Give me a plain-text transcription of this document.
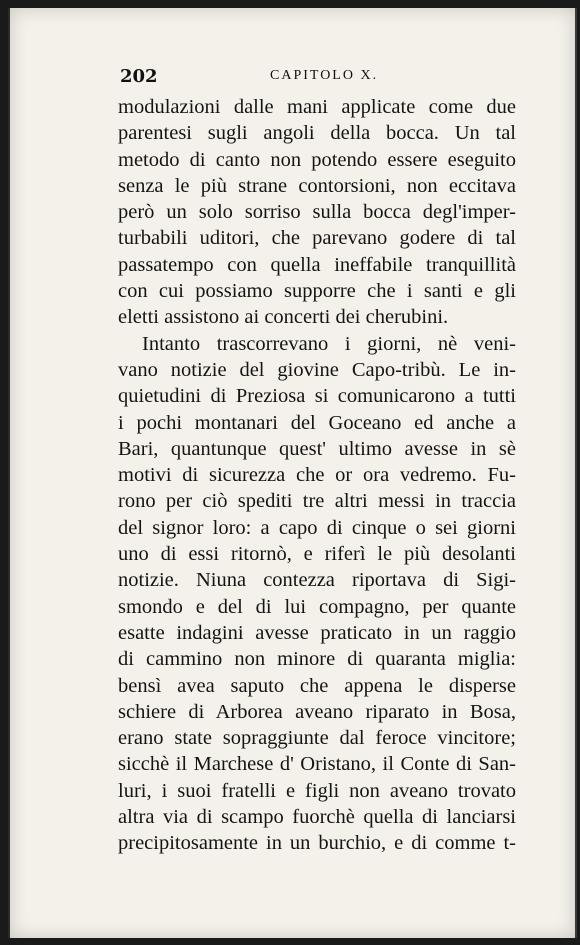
202	CAPITOLO X.
modulazioni dalle mani applicate come due
parentesi sugli angoli della bocca. Un tal
metodo di canto non potendo essere eseguito
senza le più strane contorsioni, non eccitava
però un solo sorriso sulla bocca degl'imper-
turbabili uditori, che parevano godere di tal
passatempo con quella ineffabile tranquillità
con cui possiamo supporre che i santi e gli
eletti assistono ai concerti dei cherubini.
Intanto trascorrevano i giorni, nè veni-
vano notizie del giovine Capo-tribù. Le in-
quietudini di Preziosa si comunicarono a tutti
i pochi montanari del Goceano ed anche a
Bari, quantunque quest' ultimo avesse in sè
motivi di sicurezza che or ora vedremo. Fu-
rono per ciò spediti tre altri messi in traccia
del signor loro: a capo di cinque o sei giorni
uno di essi ritornò, e riferì le più desolanti
notizie. Niuna contezza riportava di Sigi-
smondo e del di lui compagno, per quante
esatte indagini avesse praticato in un raggio
di cammino non minore di quaranta miglia:
bensì avea saputo che appena le disperse
schiere di Arborea aveano riparato in Bosa,
erano state sopraggiunte dal feroce vincitore;
sicchè il Marchese d' Oristano, il Conte di San-
luri, i suoi fratelli e figli non aveano trovato
altra via di scampo fuorchè quella di lanciarsi
precipitosamente in un burchio, e di comme t-
